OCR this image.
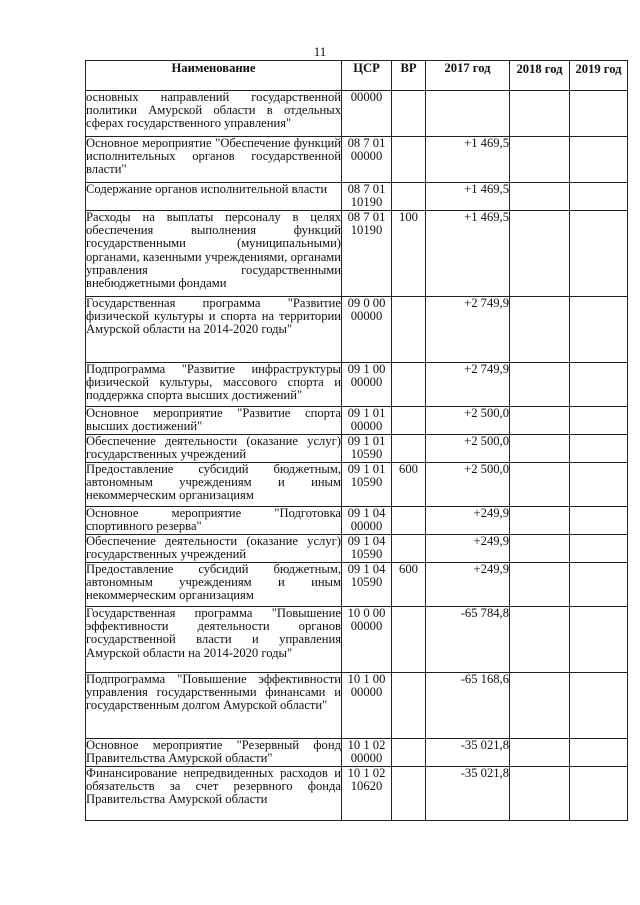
11
Наименование	ЦСР	ВР	2017 год	2018 год	2019 год

основных направлений государственной политики Амурской области в отдельных сферах государственного управления"	00000				
Основное мероприятие "Обеспечение функций исполнительных органов государственной власти"	08 7 01 00000		+1 469,5		
Содержание органов исполнительной власти	08 7 01 10190		+1 469,5		
Расходы на выплаты персоналу в целях обеспечения выполнения функций государственными (муниципальными) органами, казенными учреждениями, органами управления государственными внебюджетными фондами	08 7 01 10190	100	+1 469,5		
Государственная программа "Развитие физической культуры и спорта на территории Амурской области на 2014-2020 годы"	09 0 00 00000		+2 749,9		
Подпрограмма "Развитие инфраструктуры физической культуры, массового спорта и поддержка спорта высших достижений"	09 1 00 00000		+2 749,9		
Основное мероприятие "Развитие спорта высших достижений"	09 1 01 00000		+2 500,0		
Обеспечение деятельности (оказание услуг) государственных учреждений	09 1 01 10590		+2 500,0		
Предоставление субсидий бюджетным, автономным учреждениям и иным некоммерческим организациям	09 1 01 10590	600	+2 500,0		
Основное мероприятие "Подготовка спортивного резерва"	09 1 04 00000		+249,9		
Обеспечение деятельности (оказание услуг) государственных учреждений	09 1 04 10590		+249,9		
Предоставление субсидий бюджетным, автономным учреждениям и иным некоммерческим организациям	09 1 04 10590	600	+249,9		
Государственная программа "Повышение эффективности деятельности органов государственной власти и управления Амурской области на 2014-2020 годы"	10 0 00 00000		-65 784,8		
Подпрограмма "Повышение эффективности управления государственными финансами и государственным долгом Амурской области"	10 1 00 00000		-65 168,6		
Основное мероприятие "Резервный фонд Правительства Амурской области"	10 1 02 00000		-35 021,8		
Финансирование непредвиденных расходов и обязательств за счет резервного фонда Правительства Амурской области	10 1 02 10620		-35 021,8		
